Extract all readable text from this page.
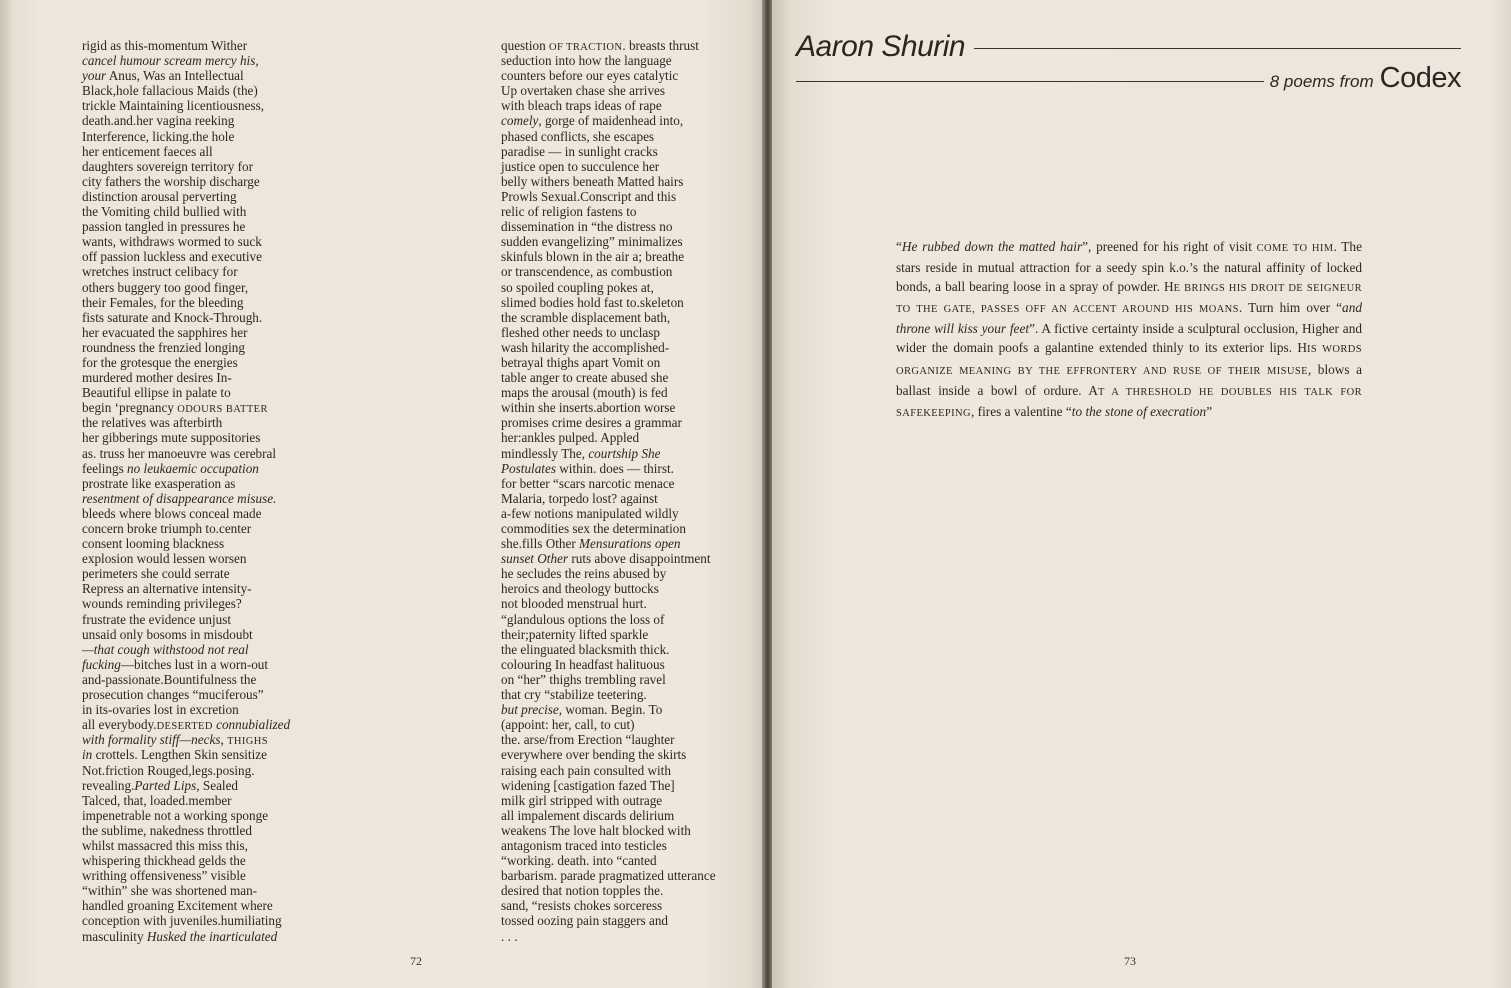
rigid as this-momentum Wither
cancel humour scream mercy his,
your Anus, Was an Intellectual
Black,hole fallacious Maids (the)
trickle Maintaining licentiousness,
death.and.her vagina reeking
Interference, licking.the hole
her enticement faeces all
daughters sovereign territory for
city fathers the worship discharge
distinction arousal perverting
the Vomiting child bullied with
passion tangled in pressures he
wants, withdraws wormed to suck
off passion luckless and executive
wretches instruct celibacy for
others buggery too good finger,
their Females, for the bleeding
fists saturate and Knock-Through.
her evacuated the sapphires her
roundness the frenzied longing
for the grotesque the energies
murdered mother desires In-
Beautiful ellipse in palate to
begin ‘pregnancy ODOURS BATTER
the relatives was afterbirth
her gibberings mute suppositories
as. truss her manoeuvre was cerebral
feelings no leukaemic occupation
prostrate like exasperation as
resentment of disappearance misuse.
bleeds where blows conceal made
concern broke triumph to.center
consent looming blackness
explosion would lessen worsen
perimeters she could serrate
Repress an alternative intensity-
wounds reminding privileges?
frustrate the evidence unjust
unsaid only bosoms in misdoubt
—that cough withstood not real
fucking—bitches lust in a worn-out
and-passionate.Bountifulness the
prosecution changes “muciferous”
in its-ovaries lost in excretion
all everybody.DESERTED connubialized
with formality stiff—necks, THIGHS
in crottels. Lengthen Skin sensitize
Not.friction Rouged,legs.posing.
revealing.Parted Lips, Sealed
Talced, that, loaded.member
impenetrable not a working sponge
the sublime, nakedness throttled
whilst massacred this miss this,
whispering thickhead gelds the
writhing offensiveness” visible
“within” she was shortened man-
handled groaning Excitement where
conception with juveniles.humiliating
masculinity Husked the inarticulated
question OF TRACTION. breasts thrust
seduction into how the language
counters before our eyes catalytic
Up overtaken chase she arrives
with bleach traps ideas of rape
comely, gorge of maidenhead into,
phased conflicts, she escapes
paradise — in sunlight cracks
justice open to succulence her
belly withers beneath Matted hairs
Prowls Sexual.Conscript and this
relic of religion fastens to
dissemination in “the distress no
sudden evangelizing” minimalizes
skinfuls blown in the air a; breathe
or transcendence, as combustion
so spoiled coupling pokes at,
slimed bodies hold fast to.skeleton
the scramble displacement bath,
fleshed other needs to unclasp
wash hilarity the accomplished-
betrayal thighs apart Vomit on
table anger to create abused she
maps the arousal (mouth) is fed
within she inserts.abortion worse
promises crime desires a grammar
her:ankles pulped. Appled
mindlessly The, courtship She
Postulates within. does — thirst.
for better “scars narcotic menace
Malaria, torpedo lost? against
a-few notions manipulated wildly
commodities sex the determination
she.fills Other Mensurations open
sunset Other ruts above disappointment
he secludes the reins abused by
heroics and theology buttocks
not blooded menstrual hurt.
“glandulous options the loss of
their;paternity lifted sparkle
the elinguated blacksmith thick.
colouring In headfast halituous
on “her” thighs trembling ravel
that cry “stabilize teetering.
but precise, woman. Begin. To
(appoint: her, call, to cut)
the. arse/from Erection “laughter
everywhere over bending the skirts
raising each pain consulted with
widening [castigation fazed The]
milk girl stripped with outrage
all impalement discards delirium
weakens The love halt blocked with
antagonism traced into testicles
“working. death. into “canted
barbarism. parade pragmatized utterance
desired that notion topples the.
sand, “resists chokes sorceress
tossed oozing pain staggers and
. . .
72
Aaron Shurin
8 poems from Codex
“He rubbed down the matted hair”, preened for his right of visit COME TO HIM. The stars reside in mutual attraction for a seedy spin k.o.’s the natural affinity of locked bonds, a ball bearing loose in a spray of powder. HE BRINGS HIS DROIT DE SEIGNEUR TO THE GATE, PASSES OFF AN ACCENT AROUND HIS MOANS. Turn him over “and throne will kiss your feet”. A fictive certainty inside a sculptural occlusion, Higher and wider the domain poofs a galantine extended thinly to its exterior lips. HIS WORDS ORGANIZE MEANING BY THE EFFRONTERY AND RUSE OF THEIR MISUSE, blows a ballast inside a bowl of ordure. AT A THRESHOLD HE DOUBLES HIS TALK FOR SAFEKEEPING, fires a valentine “to the stone of execration”
73
